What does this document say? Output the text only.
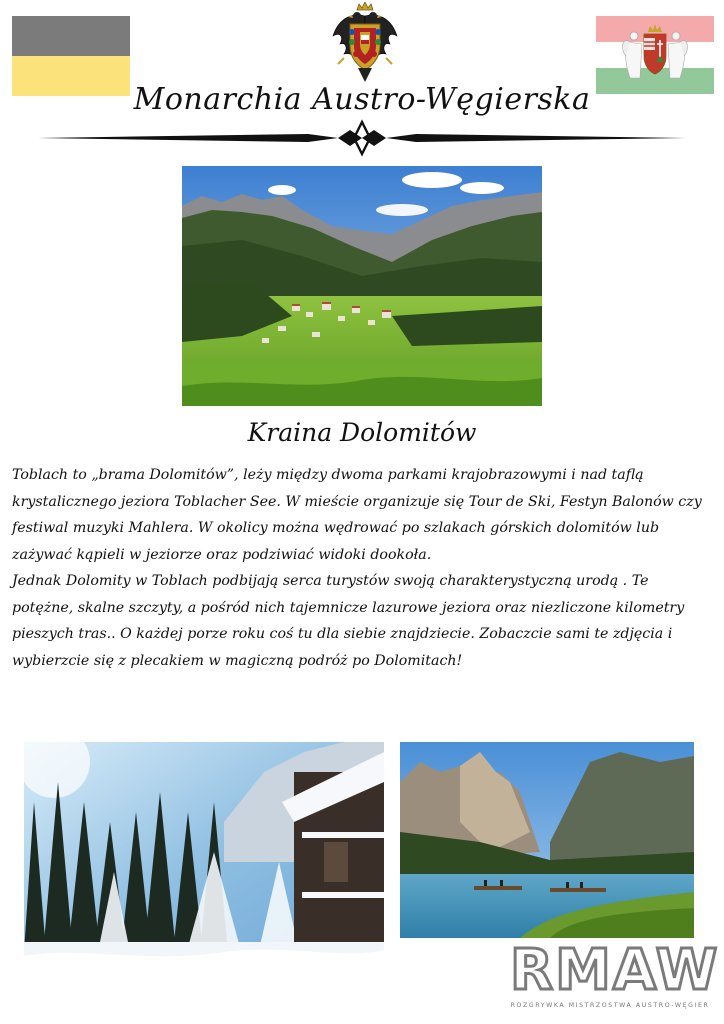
Monarchia Austro-Węgierska
Kraina Dolomitów

Toblach to „brama Dolomitów”, leży między dwoma parkami krajobrazowymi i nad taflą krystalicznego jeziora Toblacher See. W mieście organizuje się Tour de Ski, Festyn Balonów czy festiwal muzyki Mahlera. W okolicy można wędrować po szlakach górskich dolomitów lub zażywać kąpieli w jeziorze oraz podziwiać widoki dookoła.

Jednak Dolomity w Toblach podbijają serca turystów swoją charakterystyczną urodą . Te potężne, skalne szczyty, a pośród nich tajemnicze lazurowe jeziora oraz niezliczone kilometry pieszych tras.. O każdej porze roku coś tu dla siebie znajdziecie. Zobaczcie sami te zdjęcia i wybierzcie się z plecakiem w magiczną podróż po Dolomitach!

RMAW
ROZGRYWKA MISTRZOSTWA AUSTRO-WĘGIER
